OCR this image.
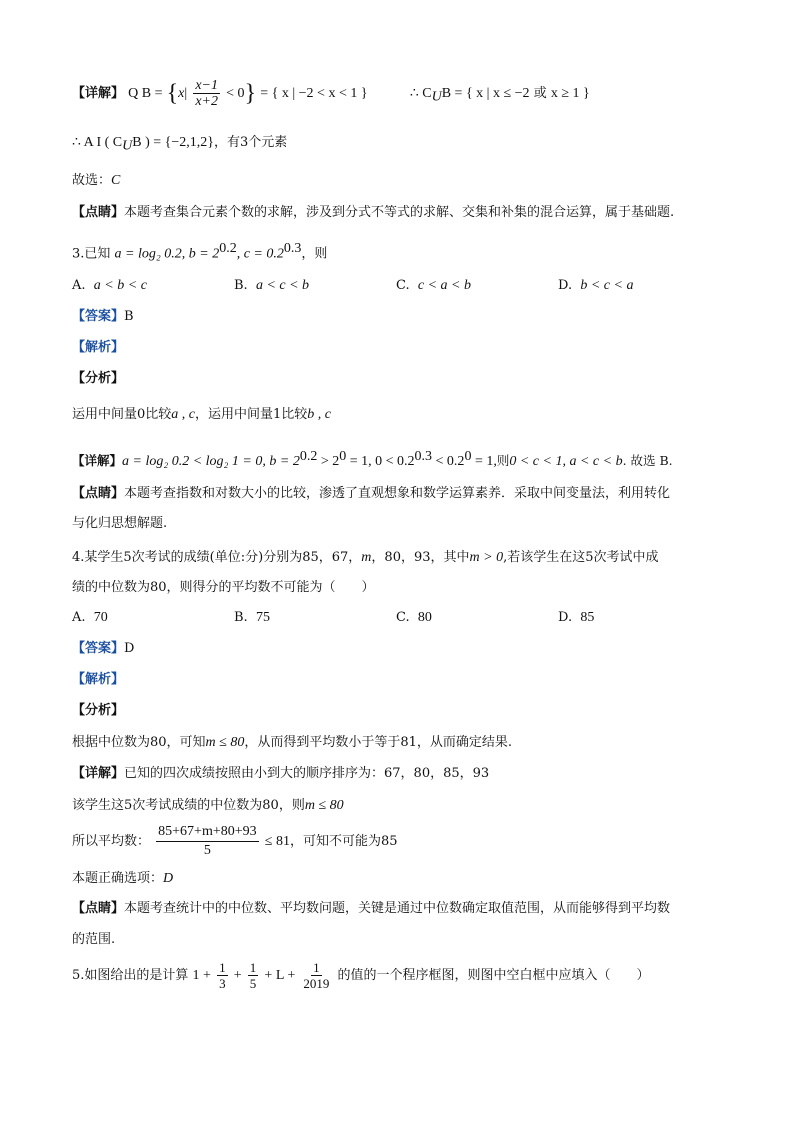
【详解】 Q $B = \{x| \frac{x-1}{x+2} < 0\}$ = { x | −2 < x < 1 }	∴ $C_UB$ = { x | x ≤ −2 或 x ≥ 1 }
∴ A I ( $C_UB$ ) = {−2,1,2}，有3个元素
故选：C
【点睛】本题考查集合元素个数的求解，涉及到分式不等式的求解、交集和补集的混合运算，属于基础题.
3.已知 a = log₂ 0.2, $b = 2^{0.2}$, $c = 0.2^{0.3}$，则
A. a < b < c	B. a < c < b	C. c < a < b	D. b < c < a
【答案】B
【解析】
【分析】
运用中间量0比较a , c，运用中间量1比较b , c
【详解】a = log₂ 0.2 < log₂ 1 = 0, $b = 2^{0.2} > 2^0 = 1$, $0 < 0.2^{0.3} < 0.2^0 = 1$,则0 < c < 1, a < c < b. 故选 B.
【点睛】本题考查指数和对数大小的比较，渗透了直观想象和数学运算素养．采取中间变量法，利用转化
与化归思想解题.
4.某学生5次考试的成绩(单位:分)分别为85，67，m，80，93，其中m > 0,若该学生在这5次考试中成
绩的中位数为80，则得分的平均数不可能为（　　）
A. 70	B. 75	C. 80	D. 85
【答案】D
【解析】
【分析】
根据中位数为80，可知m ≤ 80，从而得到平均数小于等于81，从而确定结果.
【详解】已知的四次成绩按照由小到大的顺序排序为：67，80，85，93
该学生这5次考试成绩的中位数为80，则m ≤ 80
所以平均数： $\frac{85+67+m+80+93}{5} \le 81$，可知不可能为85
本题正确选项：D
【点睛】本题考查统计中的中位数、平均数问题，关键是通过中位数确定取值范围，从而能够得到平均数
的范围.
5.如图给出的是计算 $1 + \frac{1}{3} + \frac{1}{5} + L + \frac{1}{2019}$ 的值的一个程序框图，则图中空白框中应填入（　　）
